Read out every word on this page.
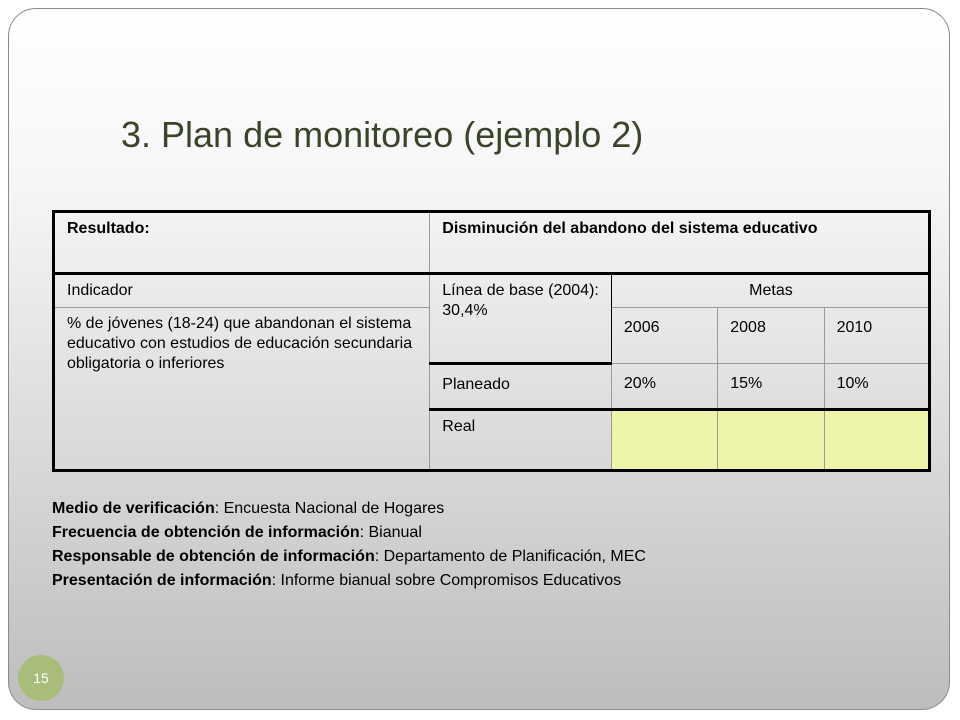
3. Plan de monitoreo (ejemplo 2)
Resultado:	Disminución del abandono del sistema educativo			
Indicador	Línea de base (2004): 30,4%	Metas		
% de jóvenes (18-24) que abandonan el sistema educativo con estudios de educación secundaria obligatoria o inferiores		2006	2008	2010
	Planeado	20%	15%	10%
	Real			
Medio de verificación: Encuesta Nacional de Hogares
Frecuencia de obtención de información: Bianual
Responsable de obtención de información: Departamento de Planificación, MEC
Presentación de información: Informe bianual sobre Compromisos Educativos
15
